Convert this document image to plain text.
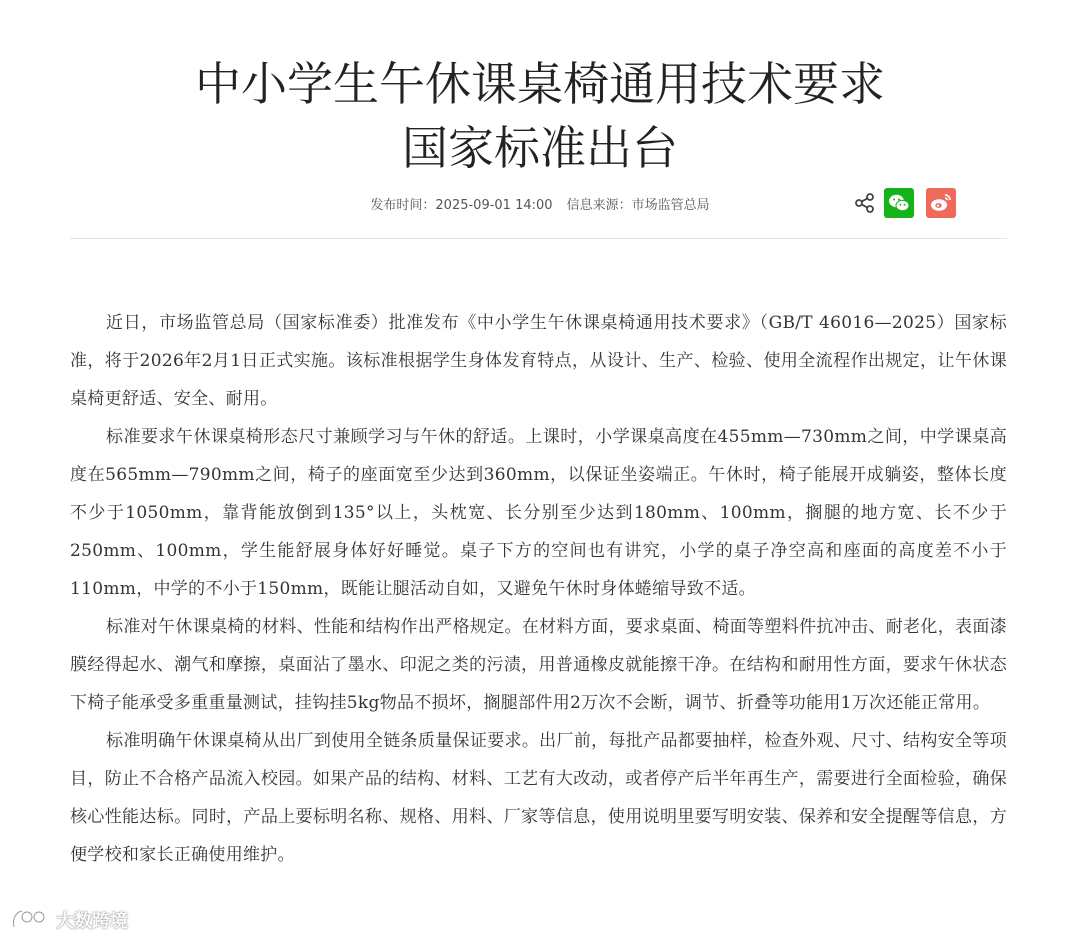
中小学生午休课桌椅通用技术要求
国家标准出台
发布时间：2025-09-01 14:00 信息来源：市场监管总局

近日，市场监管总局（国家标准委）批准发布《中小学生午休课桌椅通用技术要求》（GB/T 46016—2025）国家标准，将于2026年2月1日正式实施。该标准根据学生身体发育特点，从设计、生产、检验、使用全流程作出规定，让午休课桌椅更舒适、安全、耐用。

标准要求午休课桌椅形态尺寸兼顾学习与午休的舒适。上课时，小学课桌高度在455mm—730mm之间，中学课桌高度在565mm—790mm之间，椅子的座面宽至少达到360mm，以保证坐姿端正。午休时，椅子能展开成躺姿，整体长度不少于1050mm，靠背能放倒到135°以上，头枕宽、长分别至少达到180mm、100mm，搁腿的地方宽、长不少于250mm、100mm，学生能舒展身体好好睡觉。桌子下方的空间也有讲究，小学的桌子净空高和座面的高度差不小于110mm，中学的不小于150mm，既能让腿活动自如，又避免午休时身体蜷缩导致不适。

标准对午休课桌椅的材料、性能和结构作出严格规定。在材料方面，要求桌面、椅面等塑料件抗冲击、耐老化，表面漆膜经得起水、潮气和摩擦，桌面沾了墨水、印泥之类的污渍，用普通橡皮就能擦干净。在结构和耐用性方面，要求午休状态下椅子能承受多重重量测试，挂钩挂5kg物品不损坏，搁腿部件用2万次不会断，调节、折叠等功能用1万次还能正常用。

标准明确午休课桌椅从出厂到使用全链条质量保证要求。出厂前，每批产品都要抽样，检查外观、尺寸、结构安全等项目，防止不合格产品流入校园。如果产品的结构、材料、工艺有大改动，或者停产后半年再生产，需要进行全面检验，确保核心性能达标。同时，产品上要标明名称、规格、用料、厂家等信息，使用说明里要写明安装、保养和安全提醒等信息，方便学校和家长正确使用维护。

大数跨境
